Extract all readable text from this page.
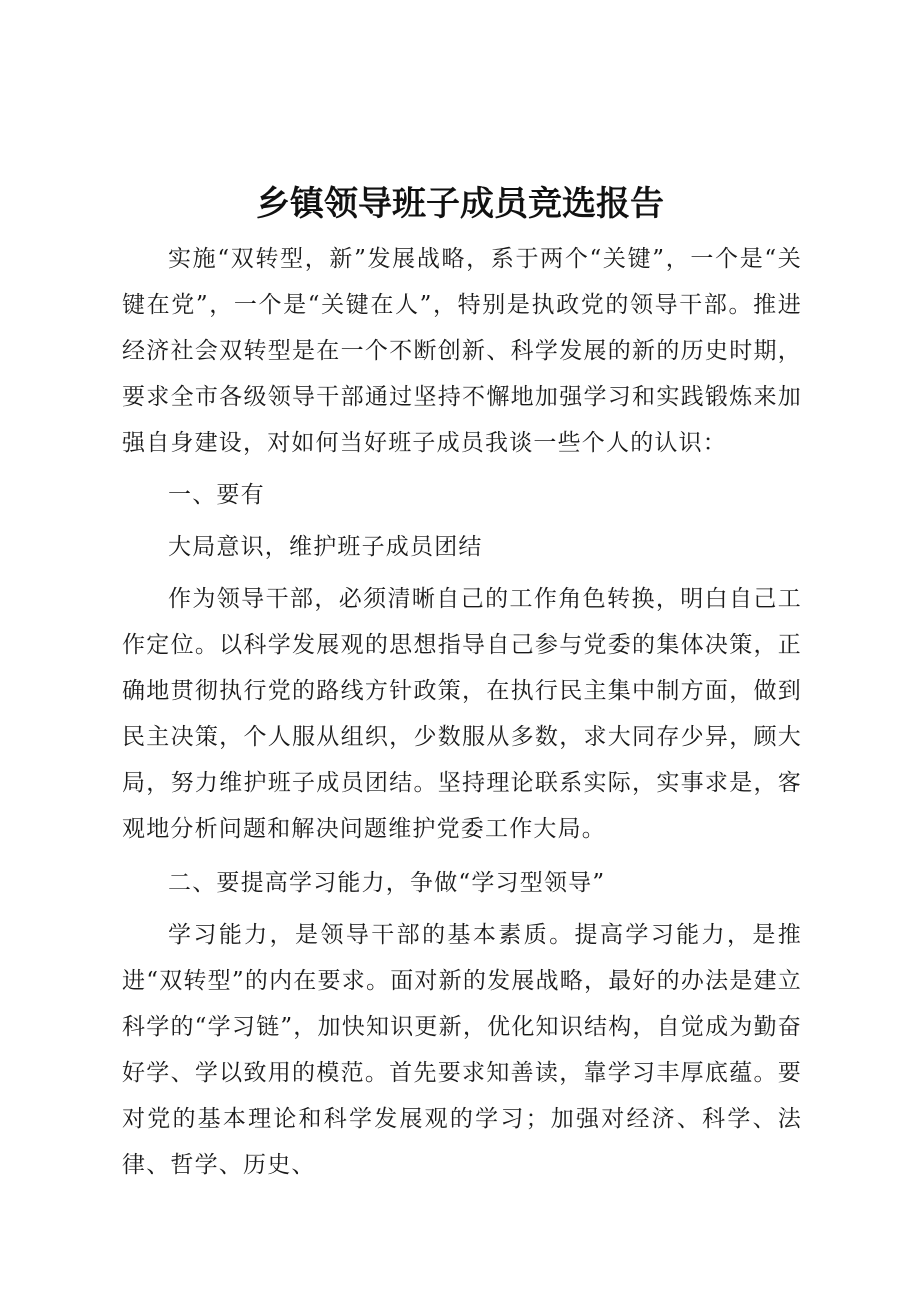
乡镇领导班子成员竞选报告

实施“双转型，新”发展战略，系于两个“关键”，一个是“关键在党”，一个是“关键在人”，特别是执政党的领导干部。推进经济社会双转型是在一个不断创新、科学发展的新的历史时期，要求全市各级领导干部通过坚持不懈地加强学习和实践锻炼来加强自身建设，对如何当好班子成员我谈一些个人的认识：

一、要有

大局意识，维护班子成员团结

作为领导干部，必须清晰自己的工作角色转换，明白自己工作定位。以科学发展观的思想指导自己参与党委的集体决策，正确地贯彻执行党的路线方针政策，在执行民主集中制方面，做到民主决策，个人服从组织，少数服从多数，求大同存少异，顾大局，努力维护班子成员团结。坚持理论联系实际，实事求是，客观地分析问题和解决问题维护党委工作大局。

二、要提高学习能力，争做“学习型领导”

学习能力，是领导干部的基本素质。提高学习能力，是推进“双转型”的内在要求。面对新的发展战略，最好的办法是建立科学的“学习链”，加快知识更新，优化知识结构，自觉成为勤奋好学、学以致用的模范。首先要求知善读，靠学习丰厚底蕴。要对党的基本理论和科学发展观的学习；加强对经济、科学、法律、哲学、历史、
